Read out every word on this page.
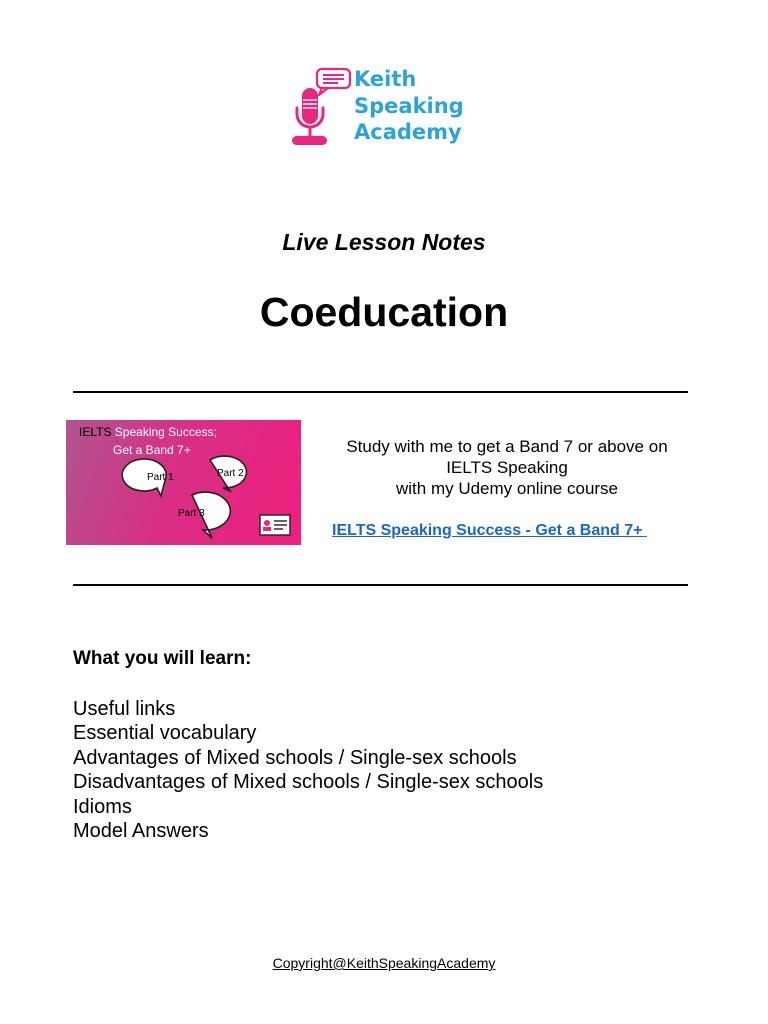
Keith
Speaking
Academy
Live Lesson Notes
Coeducation
IELTS Speaking Success;
Get a Band 7+
Part 1	Part 2
Part 3
Study with me to get a Band 7 or above on
IELTS Speaking
with my Udemy online course
IELTS Speaking Success - Get a Band 7+
What you will learn:
Useful links
Essential vocabulary
Advantages of Mixed schools / Single-sex schools
Disadvantages of Mixed schools / Single-sex schools
Idioms
Model Answers
Copyright@KeithSpeakingAcademy
